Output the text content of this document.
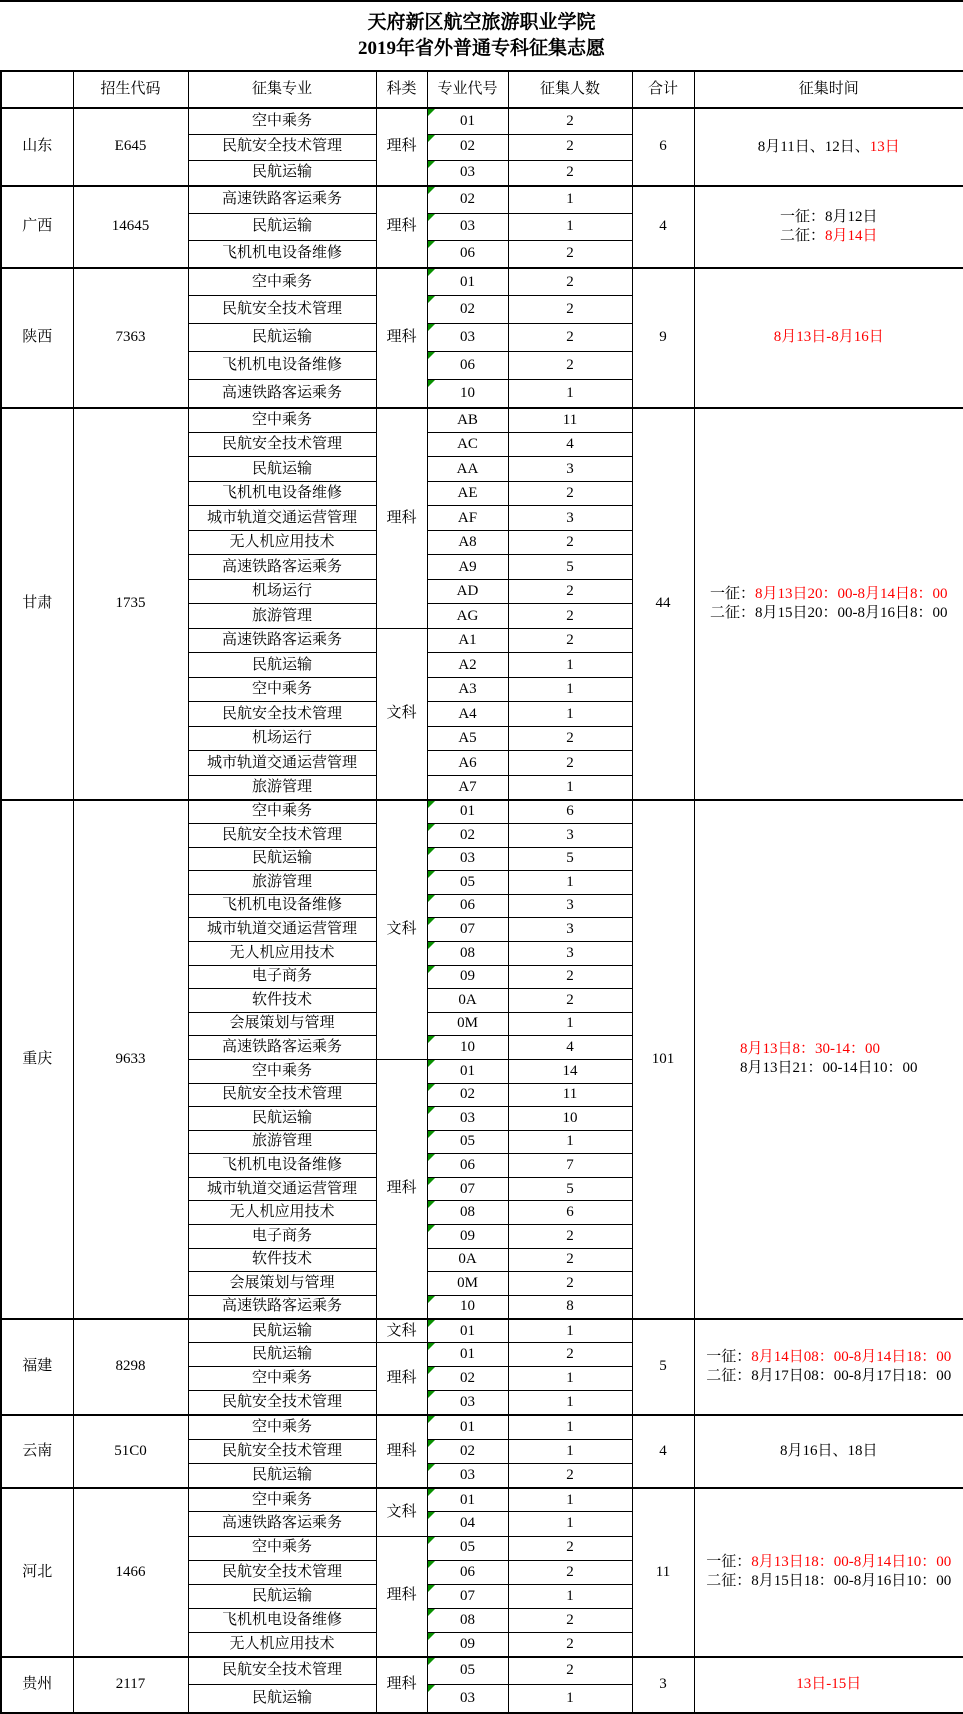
天府新区航空旅游职业学院
2019年省外普通专科征集志愿
	招生代码	征集专业	科类	专业代号	征集人数	合计	征集时间
山东	E645	空中乘务	理科	01	2	6	8月11日、12日、13日

		民航安全技术管理		02	2		
		民航运输		03	2		
广西	14645	高速铁路客运乘务	理科	02	1	4	一征：8月12日
二征：8月14日

		民航运输		03	1		
		飞机机电设备维修		06	2		
陕西	7363	空中乘务	理科	01	2	9	8月13日-8月16日

		民航安全技术管理		02	2		
		民航运输		03	2		
		飞机机电设备维修		06	2		
		高速铁路客运乘务		10	1		
甘肃	1735	空中乘务	理科	AB	11	44	一征：8月13日20：00-8月14日8：00
二征：8月15日20：00-8月16日8：00

		民航安全技术管理		AC	4		
		民航运输		AA	3		
		飞机机电设备维修		AE	2		
		城市轨道交通运营管理		AF	3		
		无人机应用技术		A8	2		
		高速铁路客运乘务		A9	5		
		机场运行		AD	2		
		旅游管理		AG	2		
		高速铁路客运乘务	文科	A1	2		
		民航运输		A2	1		
		空中乘务		A3	1		
		民航安全技术管理		A4	1		
		机场运行		A5	2		
		城市轨道交通运营管理		A6	2		
		旅游管理		A7	1		
重庆	9633	空中乘务	文科	01	6	101	8月13日8：30-14：00
8月13日21：00-14日10：00

		民航安全技术管理		02	3		
		民航运输		03	5		
		旅游管理		05	1		
		飞机机电设备维修		06	3		
		城市轨道交通运营管理		07	3		
		无人机应用技术		08	3		
		电子商务		09	2		
		软件技术		0A	2		
		会展策划与管理		0M	1		
		高速铁路客运乘务		10	4		
		空中乘务	理科	01	14		
		民航安全技术管理		02	11		
		民航运输		03	10		
		旅游管理		05	1		
		飞机机电设备维修		06	7		
		城市轨道交通运营管理		07	5		
		无人机应用技术		08	6		
		电子商务		09	2		
		软件技术		0A	2		
		会展策划与管理		0M	2		
		高速铁路客运乘务		10	8		
福建	8298	民航运输	文科	01	1	5	一征：8月14日08：00-8月14日18：00
二征：8月17日08：00-8月17日18：00

		民航运输	理科	01	2		
		空中乘务		02	1		
		民航安全技术管理		03	1		
云南	51C0	空中乘务	理科	01	1	4	8月16日、18日

		民航安全技术管理		02	1		
		民航运输		03	2		
河北	1466	空中乘务	文科	01	1	11	一征：8月13日18：00-8月14日10：00
二征：8月15日18：00-8月16日10：00

		高速铁路客运乘务		04	1		
		空中乘务	理科	05	2		
		民航安全技术管理		06	2		
		民航运输		07	1		
		飞机机电设备维修		08	2		
		无人机应用技术		09	2		
贵州	2117	民航安全技术管理	理科	05	2	3	13日-15日

		民航运输		03	1		
